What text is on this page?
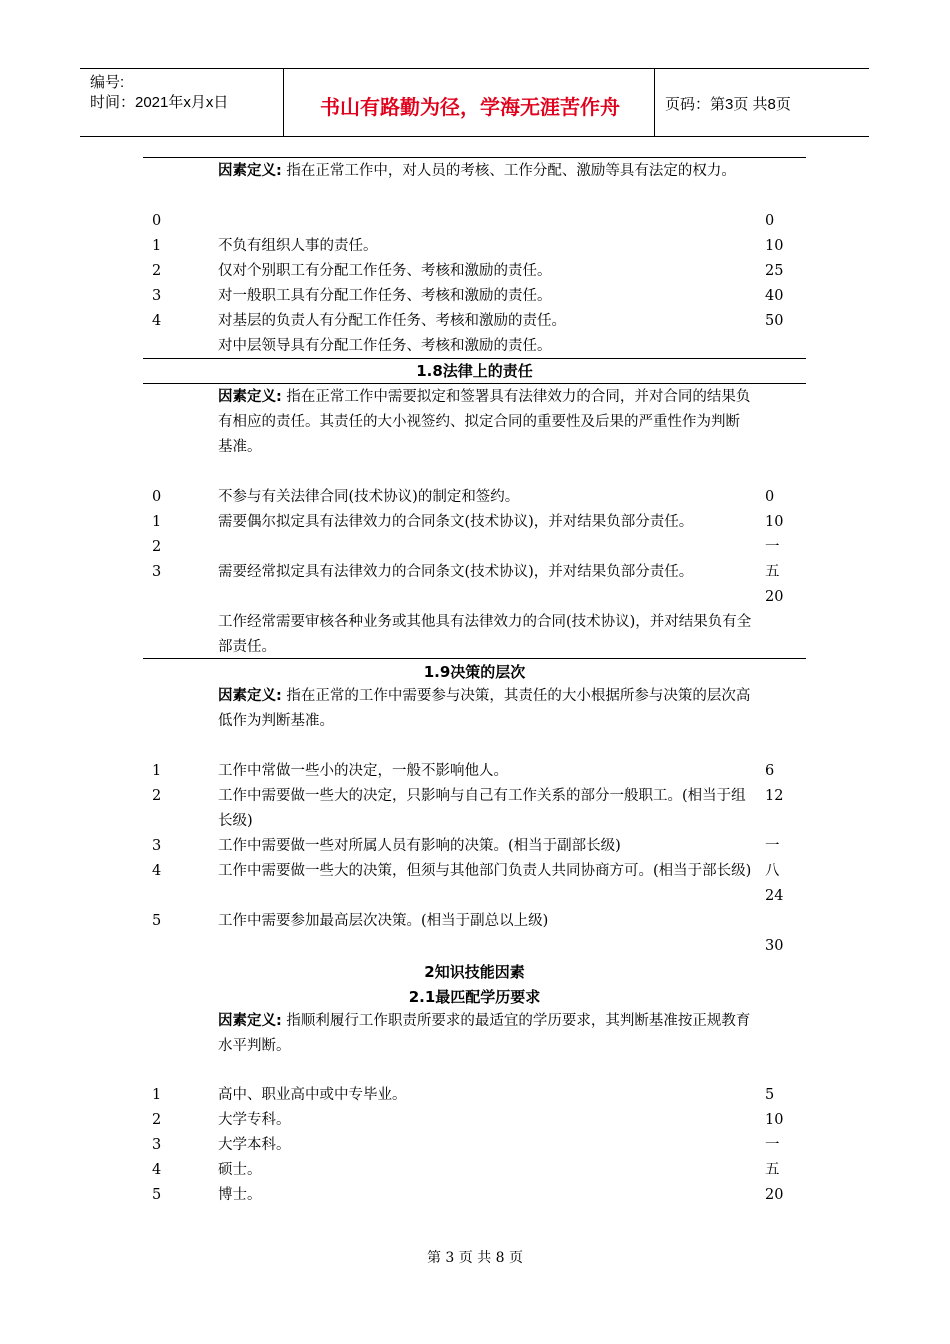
编号:
时间：2021年x月x日	书山有路勤为径，学海无涯苦作舟	页码：第3页 共8页
因素定义: 指在正常工作中，对人员的考核、工作分配、激励等具有法定的权力。
0
1
2
3
4
不负有组织人事的责任。
仅对个别职工有分配工作任务、考核和激励的责任。
对一般职工具有分配工作任务、考核和激励的责任。
对基层的负责人有分配工作任务、考核和激励的责任。
对中层领导具有分配工作任务、考核和激励的责任。
0
10
25
40
50
1.8法律上的责任
因素定义: 指在正常工作中需要拟定和签署具有法律效力的合同，并对合同的结果负有相应的责任。其责任的大小视签约、拟定合同的重要性及后果的严重性作为判断基准。
0
1
2
3
不参与有关法律合同(技术协议)的制定和签约。
需要偶尔拟定具有法律效力的合同条文(技术协议)，并对结果负部分责任。
需要经常拟定具有法律效力的合同条文(技术协议)，并对结果负部分责任。
工作经常需要审核各种业务或其他具有法律效力的合同(技术协议)，并对结果负有全部责任。
0
10
一
五
20
1.9决策的层次
因素定义: 指在正常的工作中需要参与决策，其责任的大小根据所参与决策的层次高低作为判断基准。
1
2
3
4
5
工作中常做一些小的决定，一般不影响他人。
工作中需要做一些大的决定，只影响与自己有工作关系的部分一般职工。(相当于组长级)
工作中需要做一些对所属人员有影响的决策。(相当于副部长级)
工作中需要做一些大的决策，但须与其他部门负责人共同协商方可。(相当于部长级)
工作中需要参加最高层次决策。(相当于副总以上级)
6
12
一
八
24
30
2知识技能因素
2.1最匹配学历要求
因素定义: 指顺利履行工作职责所要求的最适宜的学历要求，其判断基准按正规教育水平判断。
1
2
3
4
5
高中、职业高中或中专毕业。
大学专科。
大学本科。
硕士。
博士。
5
10
一
五
20
第 3 页 共 8 页
